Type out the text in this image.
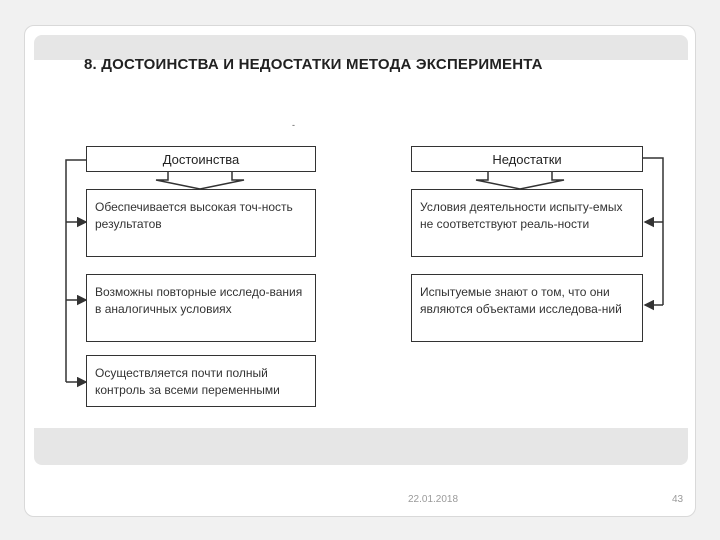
8. ДОСТОИНСТВА И НЕДОСТАТКИ МЕТОДА ЭКСПЕРИМЕНТА
-
Достоинства	Недостатки
Обеспечивается высокая точ-ность результатов
Возможны повторные исследо-вания в аналогичных условиях
Осуществляется почти полный контроль за всеми переменными
Условия деятельности испыту-емых не соответствуют реаль-ности
Испытуемые знают о том, что они являются объектами исследова-ний
22.01.2018	43
